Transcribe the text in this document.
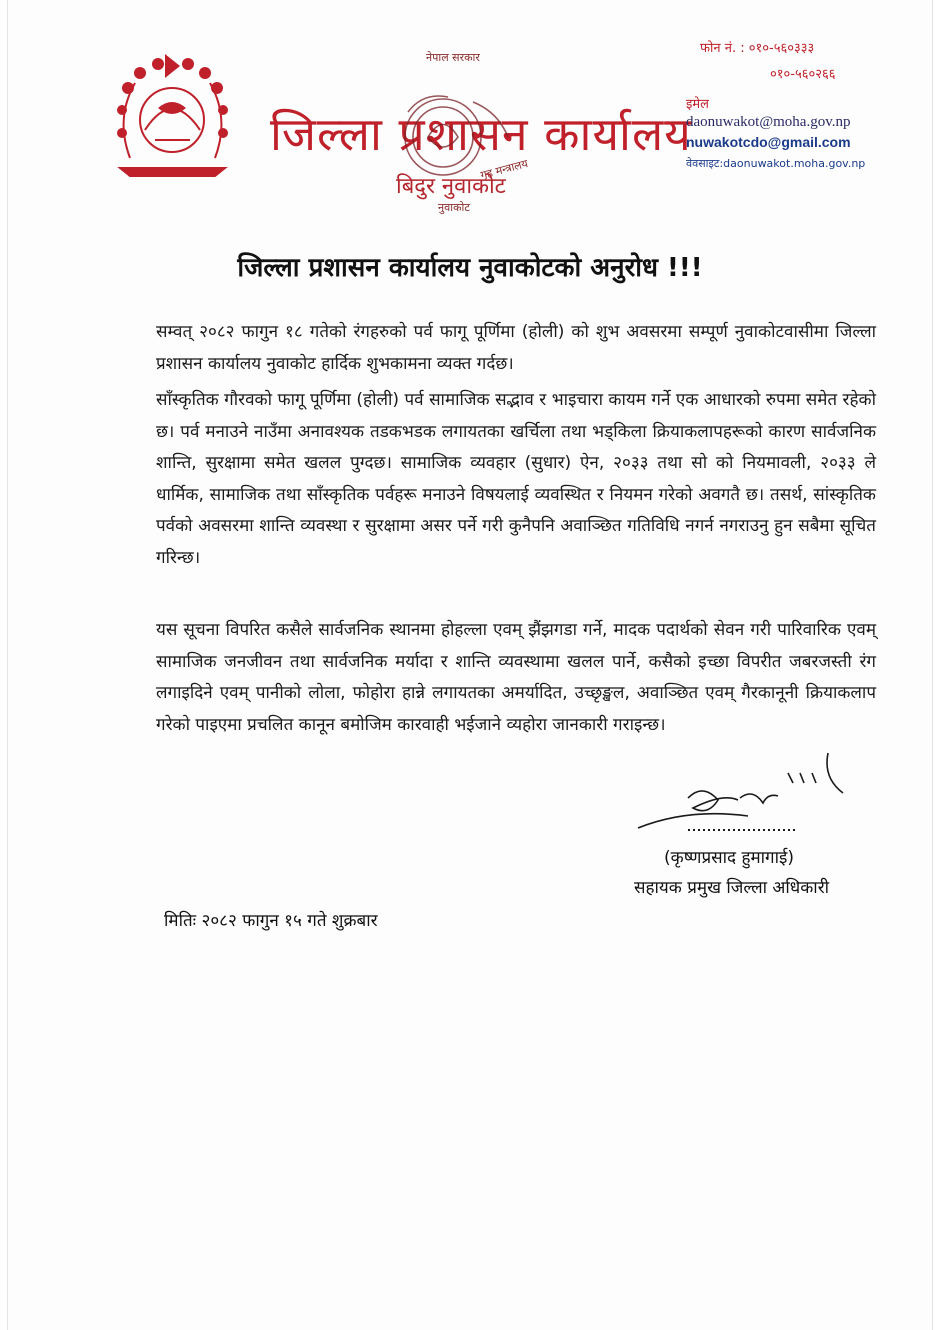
जिल्ला प्रशासन कार्यालय
नेपाल सरकार
गृह मन्त्रालय
बिदुर नुवाकोट
नुवाकोट
फोन नं. : ०१०-५६०३३३
०१०-५६०२६६
इमेल
daonuwakot@moha.gov.np
nuwakotcdo@gmail.com
वेवसाइट:daonuwakot.moha.gov.np
जिल्ला प्रशासन कार्यालय नुवाकोटको अनुरोध !!!
सम्वत् २०८२ फागुन १८ गतेको रंगहरुको पर्व फागू पूर्णिमा (होली) को शुभ अवसरमा सम्पूर्ण नुवाकोटवासीमा जिल्ला प्रशासन कार्यालय नुवाकोट हार्दिक शुभकामना व्यक्त गर्दछ।
साँस्कृतिक गौरवको फागू पूर्णिमा (होली) पर्व सामाजिक सद्भाव र भाइचारा कायम गर्ने एक आधारको रुपमा समेत रहेको छ। पर्व मनाउने नाउँमा अनावश्यक तडकभडक लगायतका खर्चिला तथा भड्किला क्रियाकलापहरूको कारण सार्वजनिक शान्ति, सुरक्षामा समेत खलल पुग्दछ। सामाजिक व्यवहार (सुधार) ऐन, २०३३ तथा सो को नियमावली, २०३३ ले धार्मिक, सामाजिक तथा साँस्कृतिक पर्वहरू मनाउने विषयलाई व्यवस्थित र नियमन गरेको अवगतै छ। तसर्थ, सांस्कृतिक पर्वको अवसरमा शान्ति व्यवस्था र सुरक्षामा असर पर्ने गरी कुनैपनि अवाञ्छित गतिविधि नगर्न नगराउनु हुन सबैमा सूचित गरिन्छ।
यस सूचना विपरित कसैले सार्वजनिक स्थानमा होहल्ला एवम् झैंझगडा गर्ने, मादक पदार्थको सेवन गरी पारिवारिक एवम् सामाजिक जनजीवन तथा सार्वजनिक मर्यादा र शान्ति व्यवस्थामा खलल पार्ने, कसैको इच्छा विपरीत जबरजस्ती रंग लगाइदिने एवम् पानीको लोला, फोहोरा हान्ने लगायतका अमर्यादित, उच्छृङ्खल, अवाञ्छित एवम् गैरकानूनी क्रियाकलाप गरेको पाइएमा प्रचलित कानून बमोजिम कारवाही भईजाने व्यहोरा जानकारी गराइन्छ।
(कृष्णप्रसाद हुमागाई)
सहायक प्रमुख जिल्ला अधिकारी
मितिः २०८२ फागुन १५ गते शुक्रबार
